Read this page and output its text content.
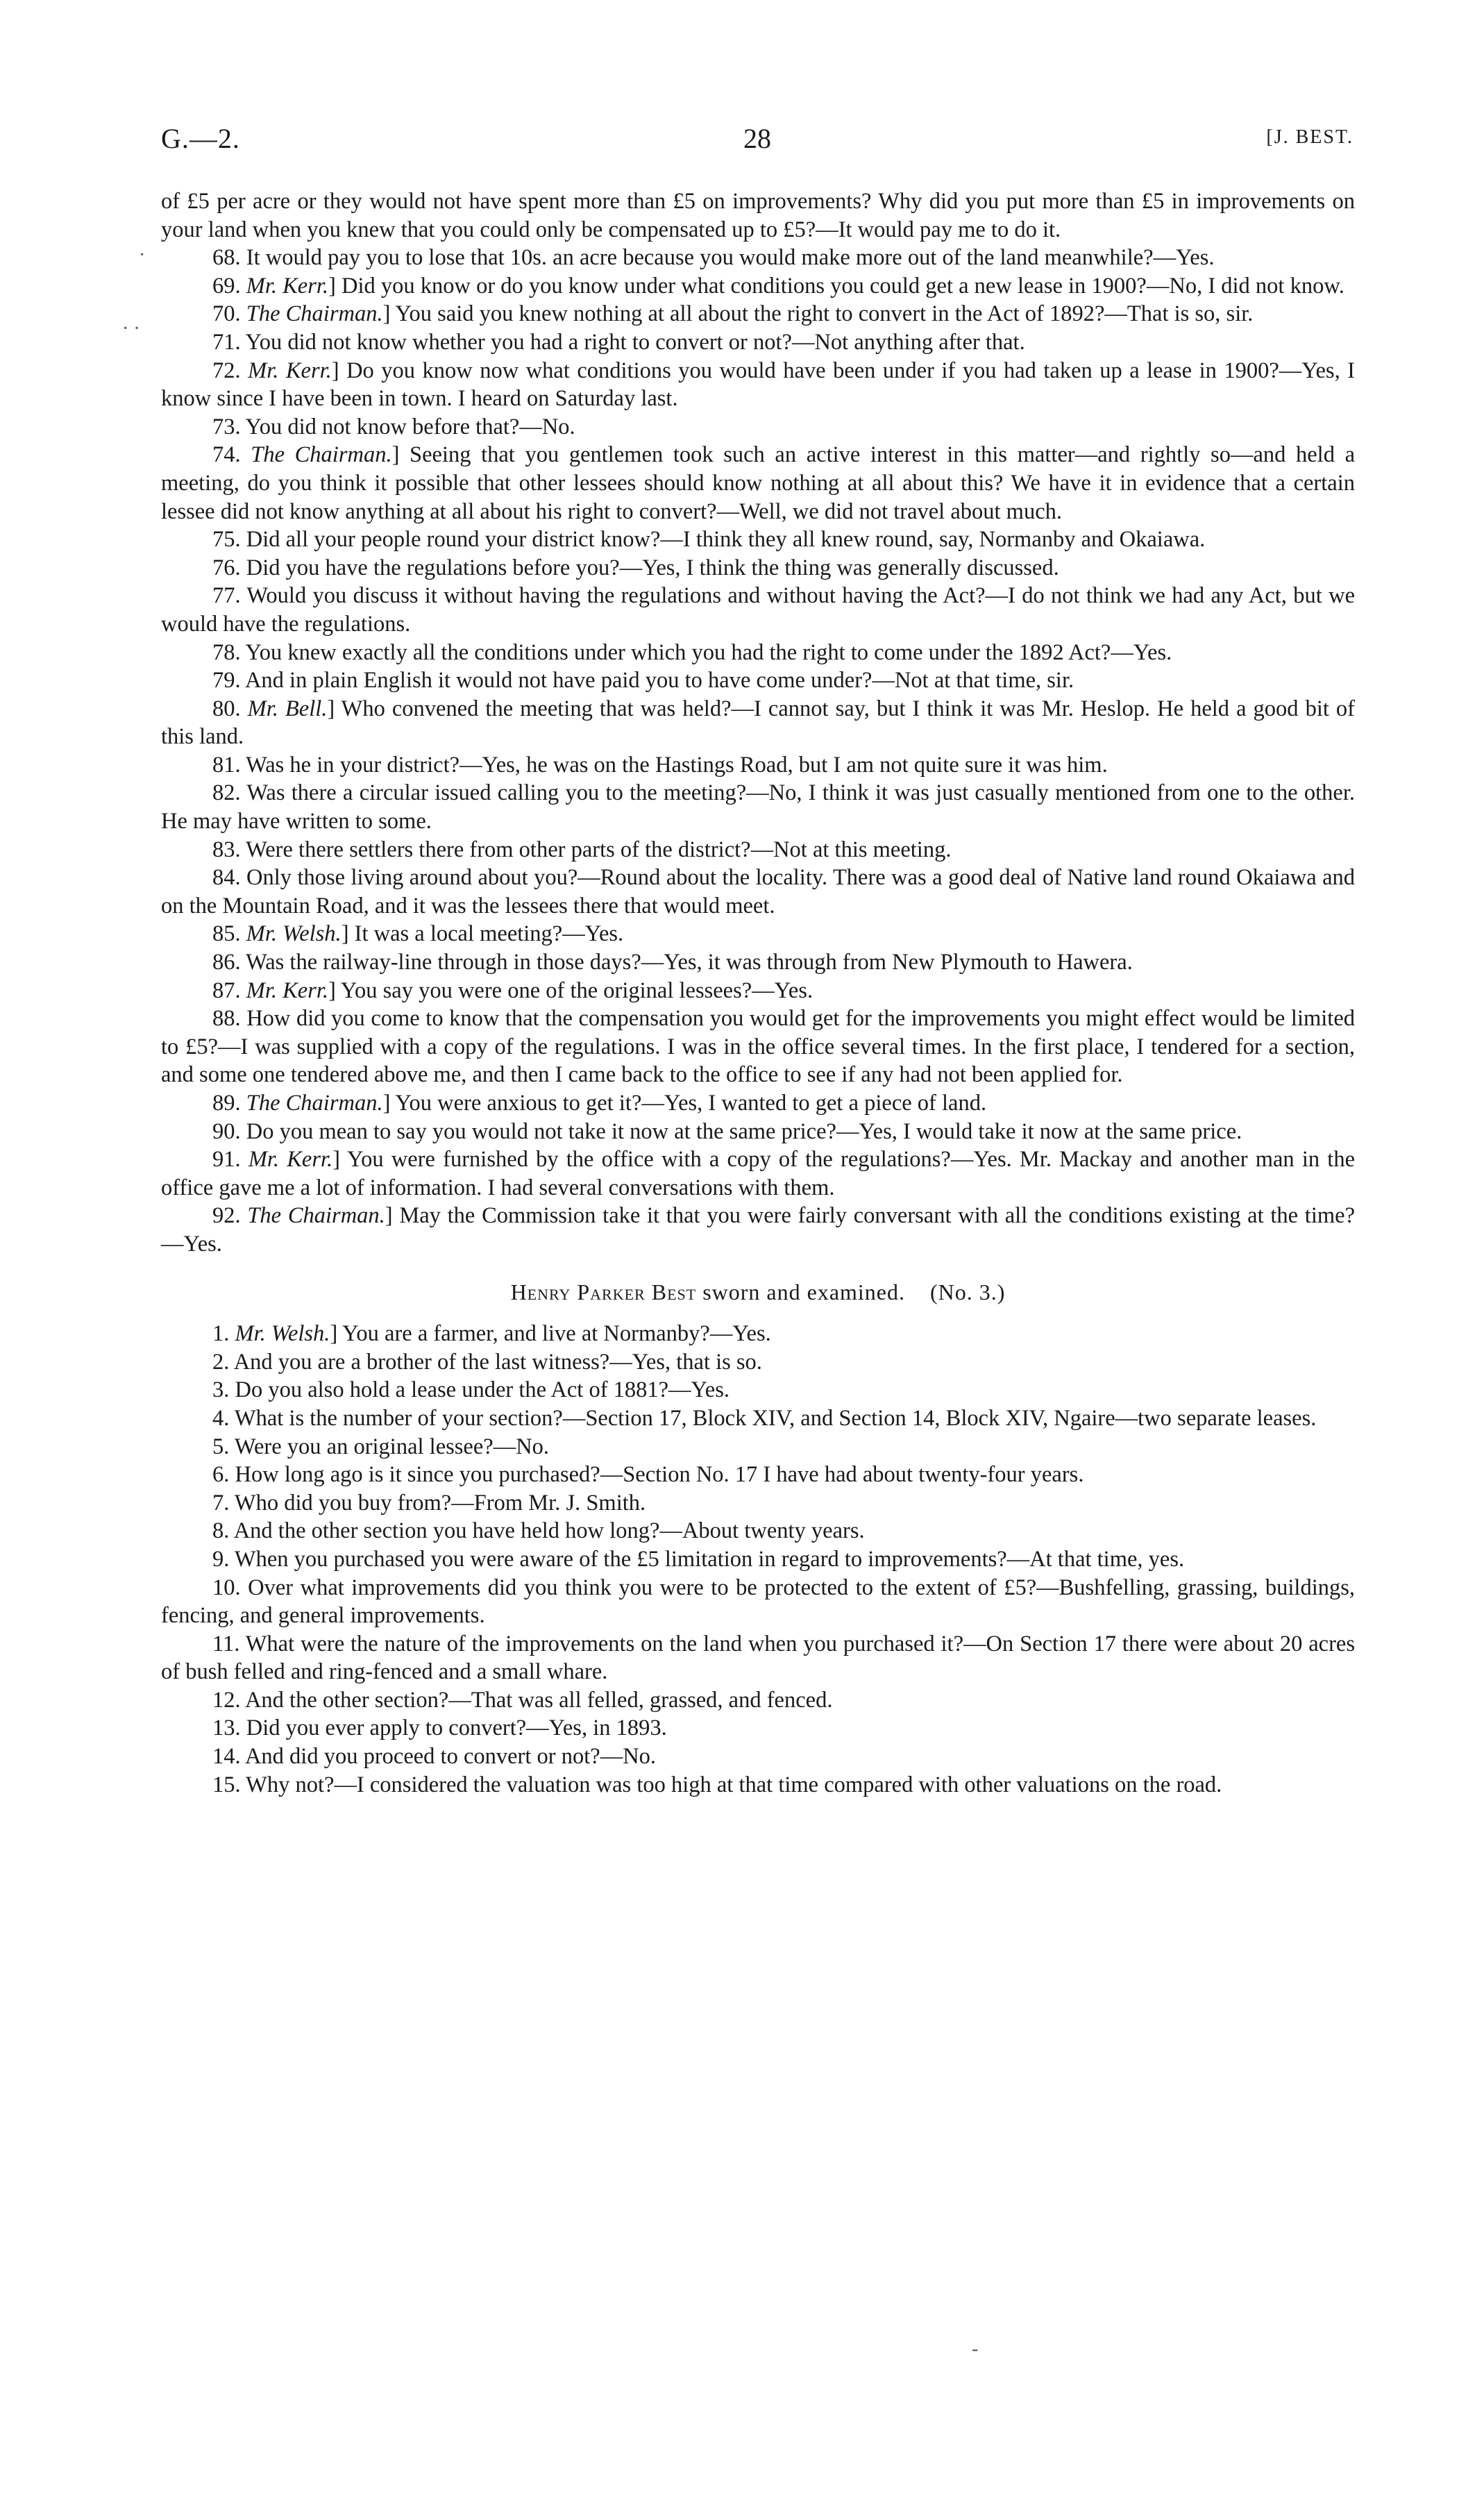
G.—2.	28	[J. BEST.
·
· ·
-

of £5 per acre or they would not have spent more than £5 on improvements? Why did you put more than £5 in improvements on your land when you knew that you could only be compensated up to £5?—It would pay me to do it.

68. It would pay you to lose that 10s. an acre because you would make more out of the land meanwhile?—Yes.

69. Mr. Kerr.] Did you know or do you know under what conditions you could get a new lease in 1900?—No, I did not know.

70. The Chairman.] You said you knew nothing at all about the right to convert in the Act of 1892?—That is so, sir.

71. You did not know whether you had a right to convert or not?—Not anything after that.

72. Mr. Kerr.] Do you know now what conditions you would have been under if you had taken up a lease in 1900?—Yes, I know since I have been in town. I heard on Saturday last.

73. You did not know before that?—No.

74. The Chairman.] Seeing that you gentlemen took such an active interest in this matter—and rightly so—and held a meeting, do you think it possible that other lessees should know nothing at all about this? We have it in evidence that a certain lessee did not know anything at all about his right to convert?—Well, we did not travel about much.

75. Did all your people round your district know?—I think they all knew round, say, Normanby and Okaiawa.

76. Did you have the regulations before you?—Yes, I think the thing was generally discussed.

77. Would you discuss it without having the regulations and without having the Act?—I do not think we had any Act, but we would have the regulations.

78. You knew exactly all the conditions under which you had the right to come under the 1892 Act?—Yes.

79. And in plain English it would not have paid you to have come under?—Not at that time, sir.

80. Mr. Bell.] Who convened the meeting that was held?—I cannot say, but I think it was Mr. Heslop. He held a good bit of this land.

81. Was he in your district?—Yes, he was on the Hastings Road, but I am not quite sure it was him.

82. Was there a circular issued calling you to the meeting?—No, I think it was just casually mentioned from one to the other. He may have written to some.

83. Were there settlers there from other parts of the district?—Not at this meeting.

84. Only those living around about you?—Round about the locality. There was a good deal of Native land round Okaiawa and on the Mountain Road, and it was the lessees there that would meet.

85. Mr. Welsh.] It was a local meeting?—Yes.

86. Was the railway-line through in those days?—Yes, it was through from New Plymouth to Hawera.

87. Mr. Kerr.] You say you were one of the original lessees?—Yes.

88. How did you come to know that the compensation you would get for the improvements you might effect would be limited to £5?—I was supplied with a copy of the regulations. I was in the office several times. In the first place, I tendered for a section, and some one tendered above me, and then I came back to the office to see if any had not been applied for.

89. The Chairman.] You were anxious to get it?—Yes, I wanted to get a piece of land.

90. Do you mean to say you would not take it now at the same price?—Yes, I would take it now at the same price.

91. Mr. Kerr.] You were furnished by the office with a copy of the regulations?—Yes. Mr. Mackay and another man in the office gave me a lot of information. I had several conversations with them.

92. The Chairman.] May the Commission take it that you were fairly conversant with all the conditions existing at the time?—Yes.

Henry Parker Best sworn and examined. (No. 3.)

1. Mr. Welsh.] You are a farmer, and live at Normanby?—Yes.

2. And you are a brother of the last witness?—Yes, that is so.

3. Do you also hold a lease under the Act of 1881?—Yes.

4. What is the number of your section?—Section 17, Block XIV, and Section 14, Block XIV, Ngaire—two separate leases.

5. Were you an original lessee?—No.

6. How long ago is it since you purchased?—Section No. 17 I have had about twenty-four years.

7. Who did you buy from?—From Mr. J. Smith.

8. And the other section you have held how long?—About twenty years.

9. When you purchased you were aware of the £5 limitation in regard to improvements?—At that time, yes.

10. Over what improvements did you think you were to be protected to the extent of £5?—Bushfelling, grassing, buildings, fencing, and general improvements.

11. What were the nature of the improvements on the land when you purchased it?—On Section 17 there were about 20 acres of bush felled and ring-fenced and a small whare.

12. And the other section?—That was all felled, grassed, and fenced.

13. Did you ever apply to convert?—Yes, in 1893.

14. And did you proceed to convert or not?—No.

15. Why not?—I considered the valuation was too high at that time compared with other valuations on the road.
